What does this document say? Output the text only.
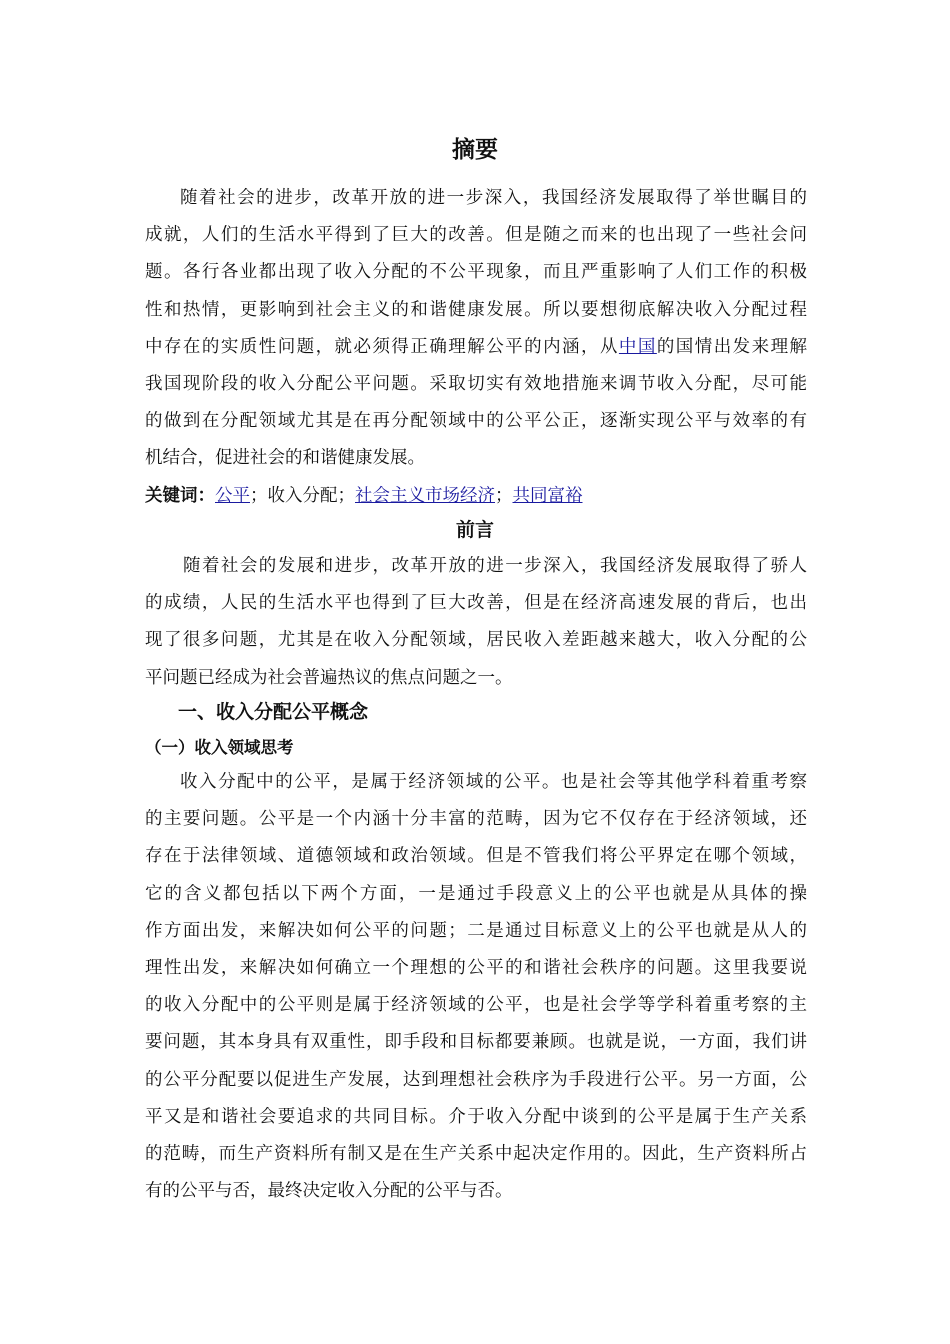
摘要
随着社会的进步，改革开放的进一步深入，我国经济发展取得了举世瞩目的
成就，人们的生活水平得到了巨大的改善。但是随之而来的也出现了一些社会问
题。各行各业都出现了收入分配的不公平现象，而且严重影响了人们工作的积极
性和热情，更影响到社会主义的和谐健康发展。所以要想彻底解决收入分配过程
中存在的实质性问题，就必须得正确理解公平的内涵，从中国的国情出发来理解
我国现阶段的收入分配公平问题。采取切实有效地措施来调节收入分配，尽可能
的做到在分配领域尤其是在再分配领域中的公平公正，逐渐实现公平与效率的有
机结合，促进社会的和谐健康发展。
关键词：公平；收入分配；社会主义市场经济；共同富裕
前言
随着社会的发展和进步，改革开放的进一步深入，我国经济发展取得了骄人
的成绩，人民的生活水平也得到了巨大改善，但是在经济高速发展的背后，也出
现了很多问题，尤其是在收入分配领域，居民收入差距越来越大，收入分配的公
平问题已经成为社会普遍热议的焦点问题之一。
一、收入分配公平概念
（一）收入领域思考
收入分配中的公平，是属于经济领域的公平。也是社会等其他学科着重考察
的主要问题。公平是一个内涵十分丰富的范畴，因为它不仅存在于经济领域，还
存在于法律领域、道德领域和政治领域。但是不管我们将公平界定在哪个领域，
它的含义都包括以下两个方面，一是通过手段意义上的公平也就是从具体的操
作方面出发，来解决如何公平的问题；二是通过目标意义上的公平也就是从人的
理性出发，来解决如何确立一个理想的公平的和谐社会秩序的问题。这里我要说
的收入分配中的公平则是属于经济领域的公平，也是社会学等学科着重考察的主
要问题，其本身具有双重性，即手段和目标都要兼顾。也就是说，一方面，我们讲
的公平分配要以促进生产发展，达到理想社会秩序为手段进行公平。另一方面，公
平又是和谐社会要追求的共同目标。介于收入分配中谈到的公平是属于生产关系
的范畴，而生产资料所有制又是在生产关系中起决定作用的。因此，生产资料所占
有的公平与否，最终决定收入分配的公平与否。
